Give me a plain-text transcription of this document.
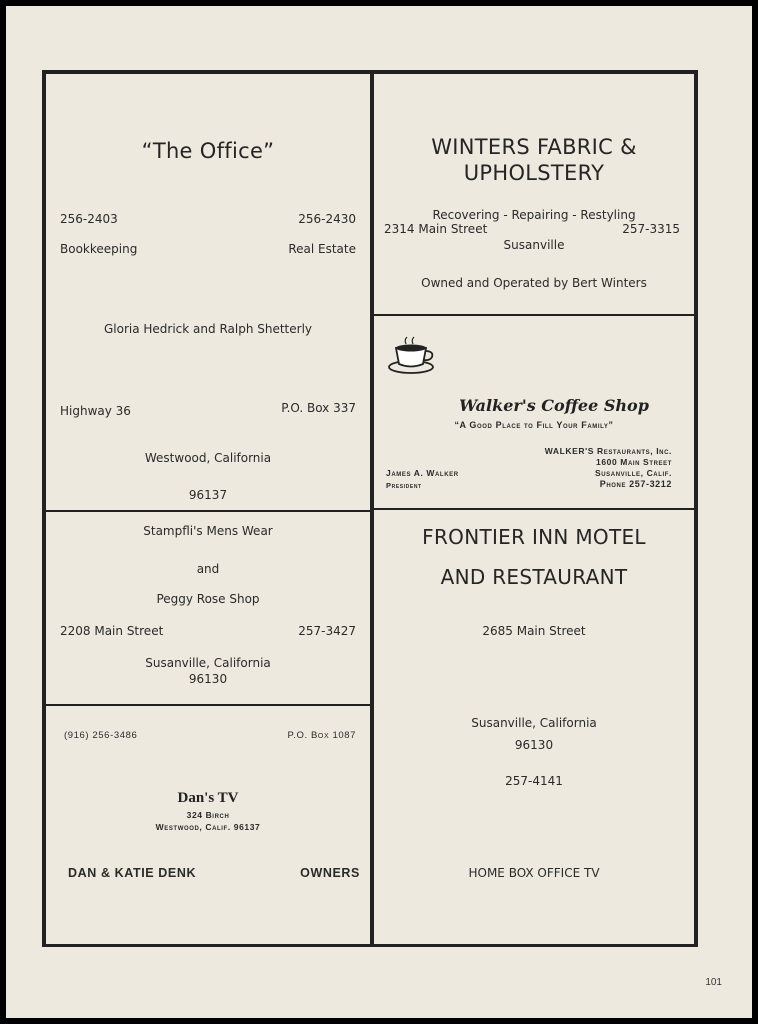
“The Office”
256-2403	256-2430
Bookkeeping	Real Estate
Gloria Hedrick and Ralph Shetterly
Highway 36	P.O. Box 337
Westwood, California
96137
WINTERS FABRIC &
UPHOLSTERY
Recovering - Repairing - Restyling
2314 Main Street	257-3315
Susanville
Owned and Operated by Bert Winters
Walker's Coffee Shop
“A Good Place to Fill Your Family”
WALKER'S Restaurants, Inc.
1600 Main Street
Susanville, Calif.
Phone 257-3212
James A. Walker
President
Stampfli's Mens Wear
and
Peggy Rose Shop
2208 Main Street	257-3427
Susanville, California
96130
(916) 256-3486	P.O. Box 1087
Dan's TV
324 Birch
Westwood, Calif. 96137
DAN & KATIE DENK	OWNERS
FRONTIER INN MOTEL
AND RESTAURANT
2685 Main Street
Susanville, California
96130
257-4141
HOME BOX OFFICE TV
101
